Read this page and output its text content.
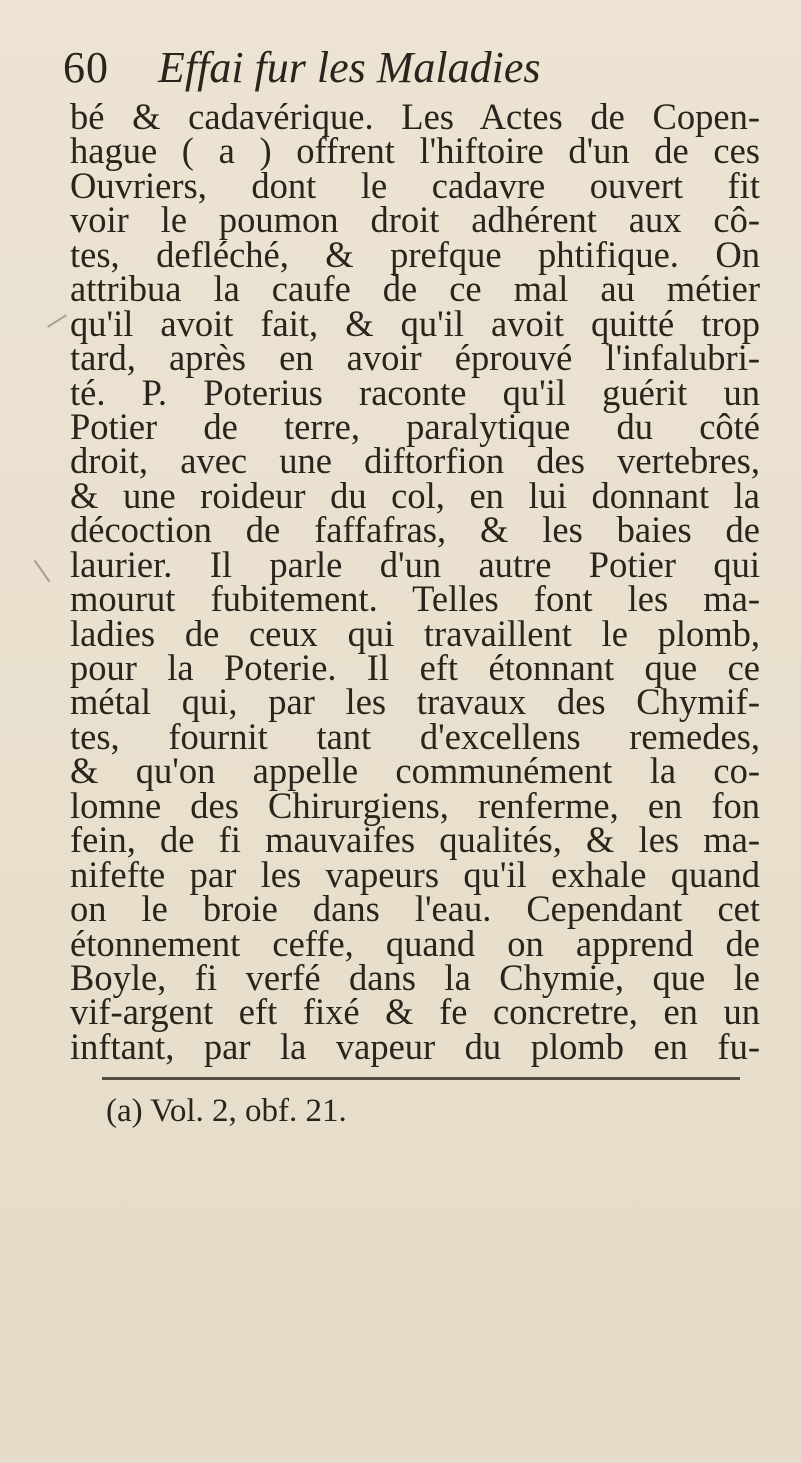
60 Effai fur les Maladies
bé & cadavérique. Les Actes de Copen-
hague ( a ) offrent l'hiftoire d'un de ces
Ouvriers, dont le cadavre ouvert fit
voir le poumon droit adhérent aux cô-
tes, defléché, & prefque phtifique. On
attribua la caufe de ce mal au métier
qu'il avoit fait, & qu'il avoit quitté trop
tard, après en avoir éprouvé l'infalubri-
té. P. Poterius raconte qu'il guérit un
Potier de terre, paralytique du côté
droit, avec une diftorfion des vertebres,
& une roideur du col, en lui donnant la
décoction de faffafras, & les baies de
laurier. Il parle d'un autre Potier qui
mourut fubitement. Telles font les ma-
ladies de ceux qui travaillent le plomb,
pour la Poterie. Il eft étonnant que ce
métal qui, par les travaux des Chymif-
tes, fournit tant d'excellens remedes,
& qu'on appelle communément la co-
lomne des Chirurgiens, renferme, en fon
fein, de fi mauvaifes qualités, & les ma-
nifefte par les vapeurs qu'il exhale quand
on le broie dans l'eau. Cependant cet
étonnement ceffe, quand on apprend de
Boyle, fi verfé dans la Chymie, que le
vif-argent eft fixé & fe concretre, en un
inftant, par la vapeur du plomb en fu-
(a) Vol. 2, obf. 21.
